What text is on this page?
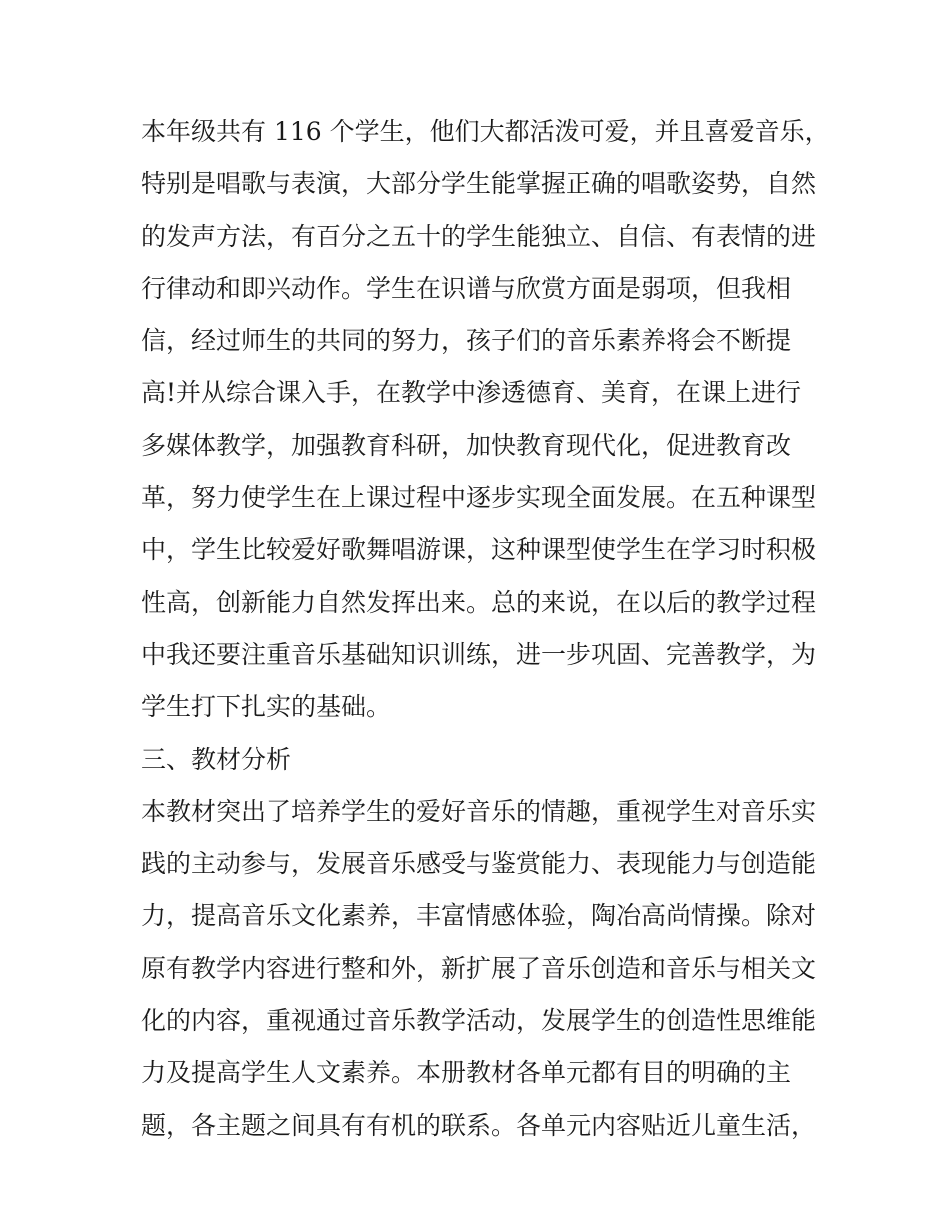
本年级共有 116 个学生，他们大都活泼可爱，并且喜爱音乐，
特别是唱歌与表演，大部分学生能掌握正确的唱歌姿势，自然
的发声方法，有百分之五十的学生能独立、自信、有表情的进
行律动和即兴动作。学生在识谱与欣赏方面是弱项，但我相
信，经过师生的共同的努力，孩子们的音乐素养将会不断提
高!并从综合课入手，在教学中渗透德育、美育，在课上进行
多媒体教学，加强教育科研，加快教育现代化，促进教育改
革，努力使学生在上课过程中逐步实现全面发展。在五种课型
中，学生比较爱好歌舞唱游课，这种课型使学生在学习时积极
性高，创新能力自然发挥出来。总的来说，在以后的教学过程
中我还要注重音乐基础知识训练，进一步巩固、完善教学，为
学生打下扎实的基础。
三、教材分析
本教材突出了培养学生的爱好音乐的情趣，重视学生对音乐实
践的主动参与，发展音乐感受与鉴赏能力、表现能力与创造能
力，提高音乐文化素养，丰富情感体验，陶冶高尚情操。除对
原有教学内容进行整和外，新扩展了音乐创造和音乐与相关文
化的内容，重视通过音乐教学活动，发展学生的创造性思维能
力及提高学生人文素养。本册教材各单元都有目的明确的主
题，各主题之间具有有机的联系。各单元内容贴近儿童生活，
